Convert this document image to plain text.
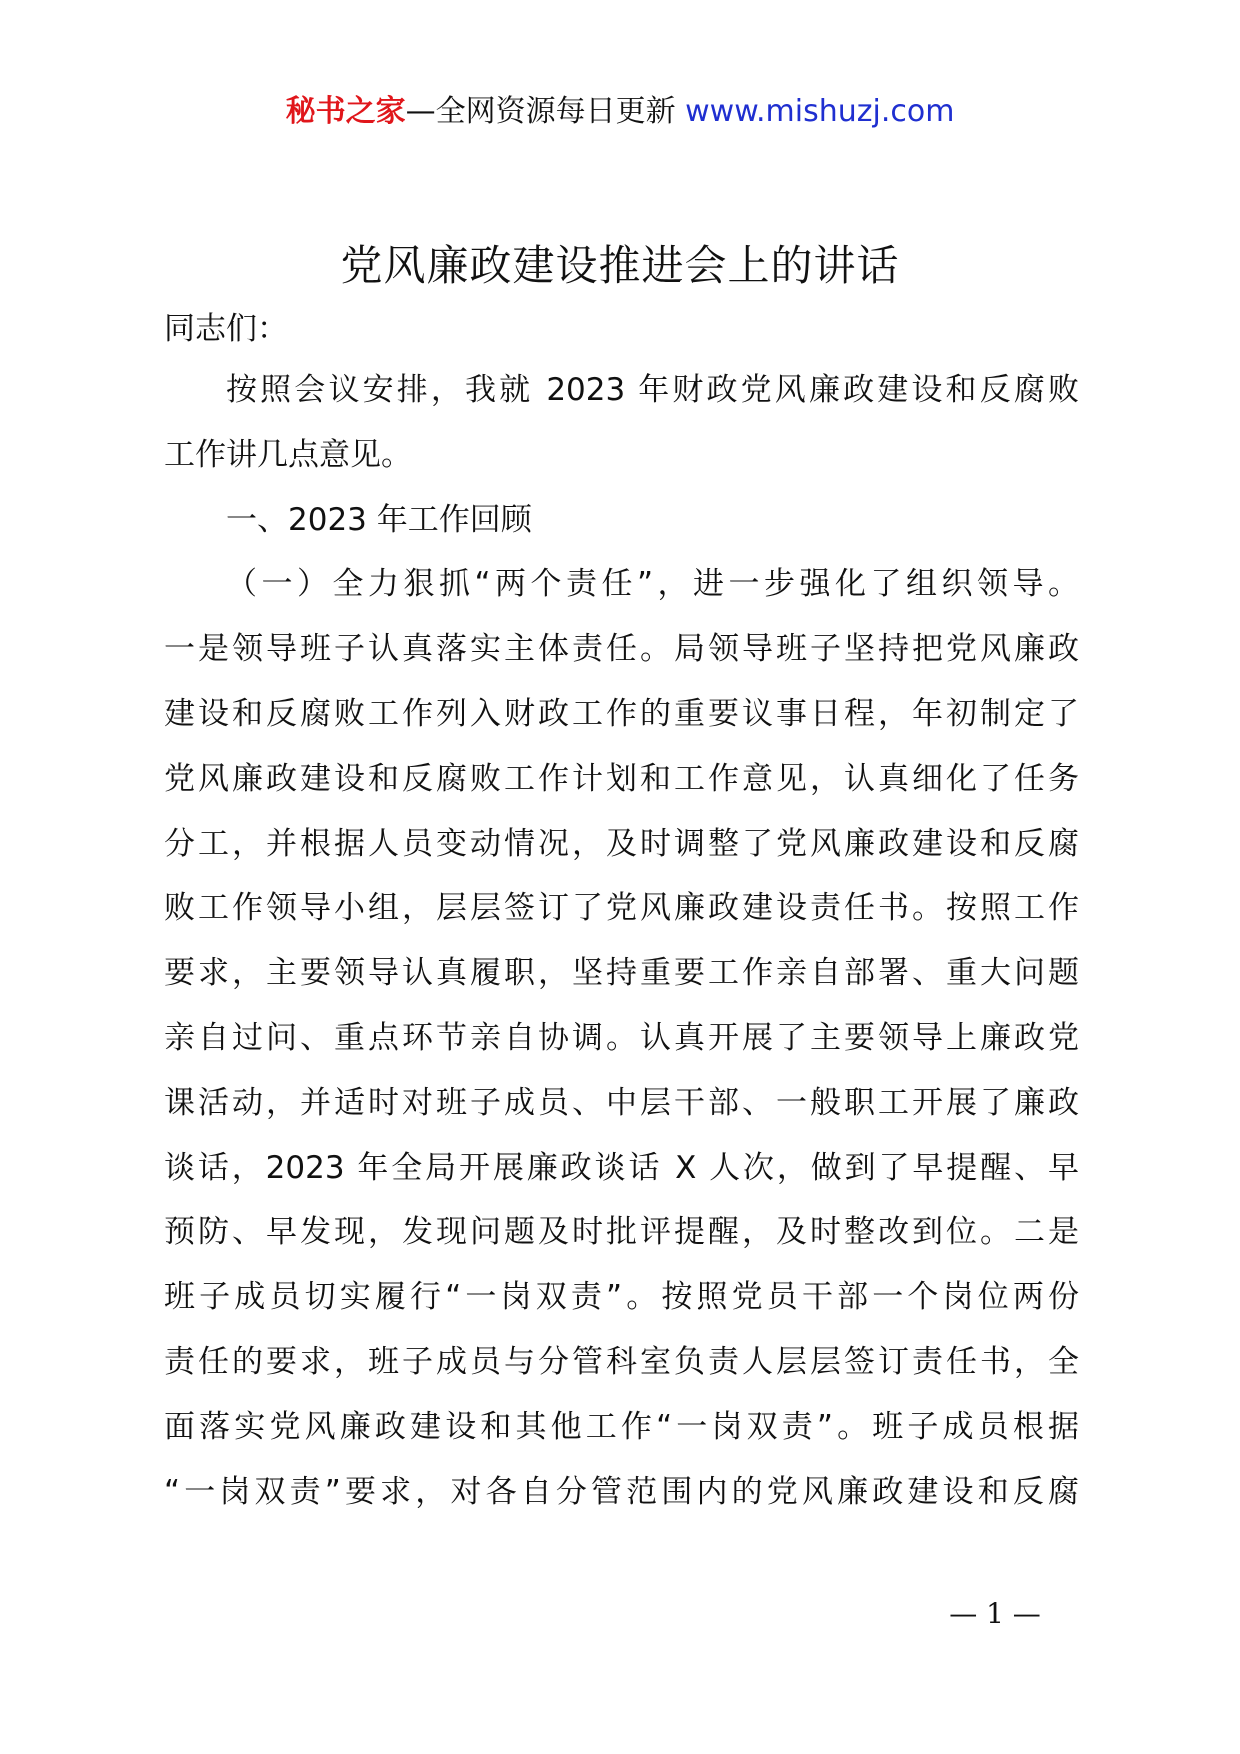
秘书之家—全网资源每日更新 www.mishuzj.com
党风廉政建设推进会上的讲话
同志们：
按照会议安排，我就 2023 年财政党风廉政建设和反腐败
工作讲几点意见。
一、2023 年工作回顾
（一）全力狠抓“两个责任”，进一步强化了组织领导。
一是领导班子认真落实主体责任。局领导班子坚持把党风廉政
建设和反腐败工作列入财政工作的重要议事日程，年初制定了
党风廉政建设和反腐败工作计划和工作意见，认真细化了任务
分工，并根据人员变动情况，及时调整了党风廉政建设和反腐
败工作领导小组，层层签订了党风廉政建设责任书。按照工作
要求，主要领导认真履职，坚持重要工作亲自部署、重大问题
亲自过问、重点环节亲自协调。认真开展了主要领导上廉政党
课活动，并适时对班子成员、中层干部、一般职工开展了廉政
谈话，2023 年全局开展廉政谈话 X 人次，做到了早提醒、早
预防、早发现，发现问题及时批评提醒，及时整改到位。二是
班子成员切实履行“一岗双责”。按照党员干部一个岗位两份
责任的要求，班子成员与分管科室负责人层层签订责任书，全
面落实党风廉政建设和其他工作“一岗双责”。班子成员根据
“一岗双责”要求，对各自分管范围内的党风廉政建设和反腐
— 1 —
